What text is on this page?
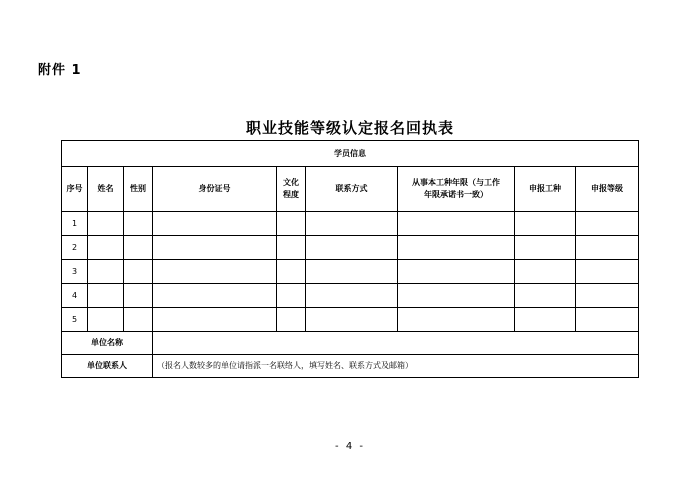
附件 1
职业技能等级认定报名回执表
学员信息								
序号	姓名	性别	身份证号	文化
程度	联系方式	从事本工种年限（与工作
年限承诺书一致）	申报工种	申报等级
1								
2								
3								
4								
5								
单位名称								
单位联系人			（报名人数较多的单位请指派一名联络人，填写姓名、联系方式及邮箱）					
- 4 -
